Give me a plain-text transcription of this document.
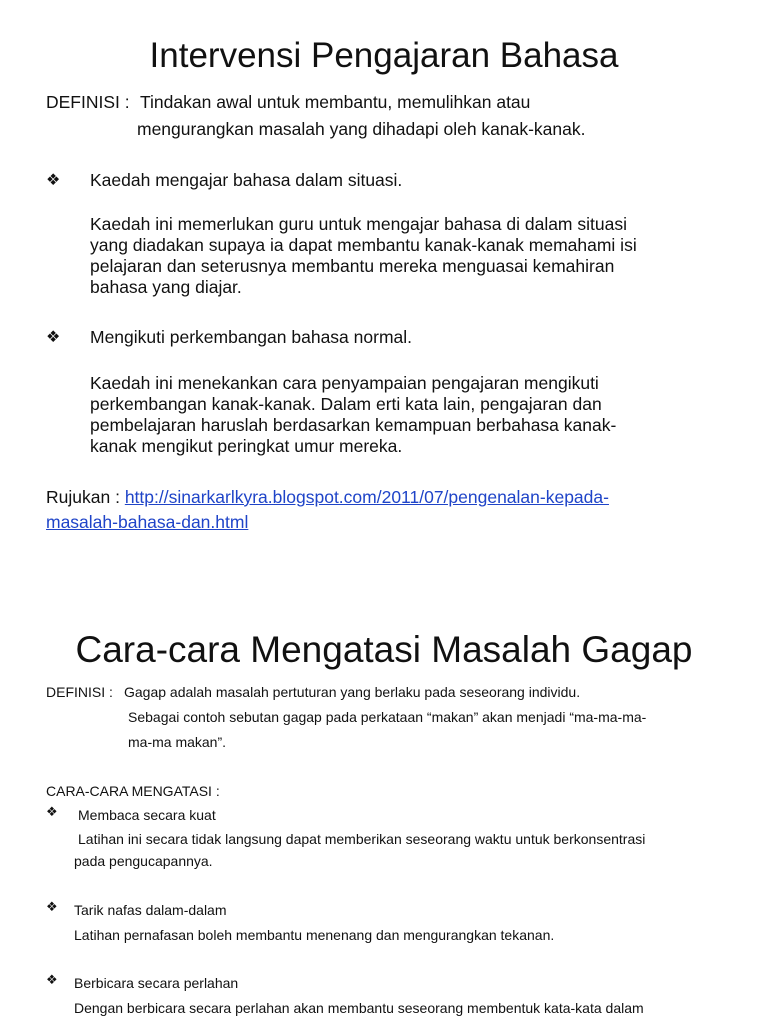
Intervensi Pengajaran Bahasa
DEFINISI : Tindakan awal untuk membantu, memulihkan atau
mengurangkan masalah yang dihadapi oleh kanak-kanak.
❖ Kaedah mengajar bahasa dalam situasi.
Kaedah ini memerlukan guru untuk mengajar bahasa di dalam situasi
yang diadakan supaya ia dapat membantu kanak-kanak memahami isi
pelajaran dan seterusnya membantu mereka menguasai kemahiran
bahasa yang diajar.
❖ Mengikuti perkembangan bahasa normal.
Kaedah ini menekankan cara penyampaian pengajaran mengikuti
perkembangan kanak-kanak. Dalam erti kata lain, pengajaran dan
pembelajaran haruslah berdasarkan kemampuan berbahasa kanak-
kanak mengikut peringkat umur mereka.
Rujukan : http://sinarkarlkyra.blogspot.com/2011/07/pengenalan-kepada-
masalah-bahasa-dan.html
Cara-cara Mengatasi Masalah Gagap
DEFINISI : Gagap adalah masalah pertuturan yang berlaku pada seseorang individu.
Sebagai contoh sebutan gagap pada perkataan “makan” akan menjadi “ma-ma-ma-
ma-ma makan”.
CARA-CARA MENGATASI :
❖ Membaca secara kuat
Latihan ini secara tidak langsung dapat memberikan seseorang waktu untuk berkonsentrasi
pada pengucapannya.
❖ Tarik nafas dalam-dalam
Latihan pernafasan boleh membantu menenang dan mengurangkan tekanan.
❖ Berbicara secara perlahan
Dengan berbicara secara perlahan akan membantu seseorang membentuk kata-kata dalam
